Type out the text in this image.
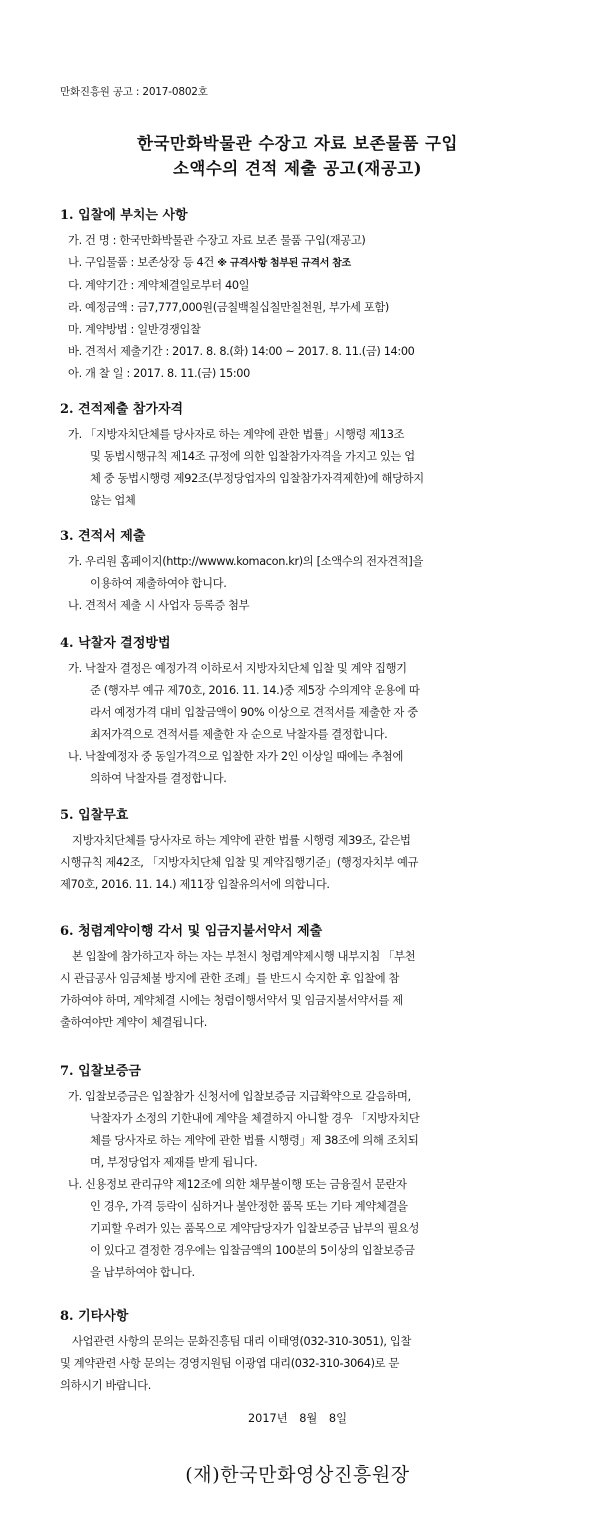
만화진흥원 공고 : 2017-0802호
한국만화박물관 수장고 자료 보존물품 구입
소액수의 견적 제출 공고(재공고)
1. 입찰에 부치는 사항
가. 건 명 : 한국만화박물관 수장고 자료 보존 물품 구입(재공고)
나. 구입물품 : 보존상장 등 4건 ※ 규격사항 첨부된 규격서 참조
다. 계약기간 : 계약체결일로부터 40일
라. 예정금액 : 금7,777,000원(금칠백칠십칠만칠천원, 부가세 포함)
마. 계약방법 : 일반경쟁입찰
바. 견적서 제출기간 : 2017. 8. 8.(화) 14:00 ~ 2017. 8. 11.(금) 14:00
아. 개 찰 일 : 2017. 8. 11.(금) 15:00
2. 견적제출 참가자격
가. 「지방자치단체를 당사자로 하는 계약에 관한 법률」시행령 제13조
및 동법시행규칙 제14조 규정에 의한 입찰참가자격을 가지고 있는 업
체 중 동법시행령 제92조(부정당업자의 입찰참가자격제한)에 해당하지
않는 업체
3. 견적서 제출
가. 우리원 홈페이지(http://wwww.komacon.kr)의 [소액수의 전자견적]을
이용하여 제출하여야 합니다.
나. 견적서 제출 시 사업자 등록증 첨부
4. 낙찰자 결정방법
가. 낙찰자 결정은 예정가격 이하로서 지방자치단체 입찰 및 계약 집행기
준 (행자부 예규 제70호, 2016. 11. 14.)중 제5장 수의계약 운용에 따
라서 예정가격 대비 입찰금액이 90% 이상으로 견적서를 제출한 자 중
최저가격으로 견적서를 제출한 자 순으로 낙찰자를 결정합니다.
나. 낙찰예정자 중 동일가격으로 입찰한 자가 2인 이상일 때에는 추첨에
의하여 낙찰자를 결정합니다.
5. 입찰무효
지방자치단체를 당사자로 하는 계약에 관한 법률 시행령 제39조, 같은법
시행규칙 제42조, 「지방자치단체 입찰 및 계약집행기준」(행정자치부 예규
제70호, 2016. 11. 14.) 제11장 입찰유의서에 의합니다.
6. 청렴계약이행 각서 및 임금지불서약서 제출
본 입찰에 참가하고자 하는 자는 부천시 청렴계약제시행 내부지침 「부천
시 관급공사 임금체불 방지에 관한 조례」를 반드시 숙지한 후 입찰에 참
가하여야 하며, 계약체결 시에는 청렴이행서약서 및 임금지불서약서를 제
출하여야만 계약이 체결됩니다.
7. 입찰보증금
가. 입찰보증금은 입찰참가 신청서에 입찰보증금 지급확약으로 갈음하며,
낙찰자가 소정의 기한내에 계약을 체결하지 아니할 경우 「지방자치단
체를 당사자로 하는 계약에 관한 법률 시행령」제 38조에 의해 조치되
며, 부정당업자 제재를 받게 됩니다.
나. 신용정보 관리규약 제12조에 의한 채무불이행 또는 금융질서 문란자
인 경우, 가격 등락이 심하거나 불안정한 품목 또는 기타 계약체결을
기피할 우려가 있는 품목으로 계약담당자가 입찰보증금 납부의 필요성
이 있다고 결정한 경우에는 입찰금액의 100분의 5이상의 입찰보증금
을 납부하여야 합니다.
8. 기타사항
사업관련 사항의 문의는 문화진흥팀 대리 이태영(032-310-3051), 입찰
및 계약관련 사항 문의는 경영지원팀 이광엽 대리(032-310-3064)로 문
의하시기 바랍니다.
2017년 8월 8일
(재)한국만화영상진흥원장
